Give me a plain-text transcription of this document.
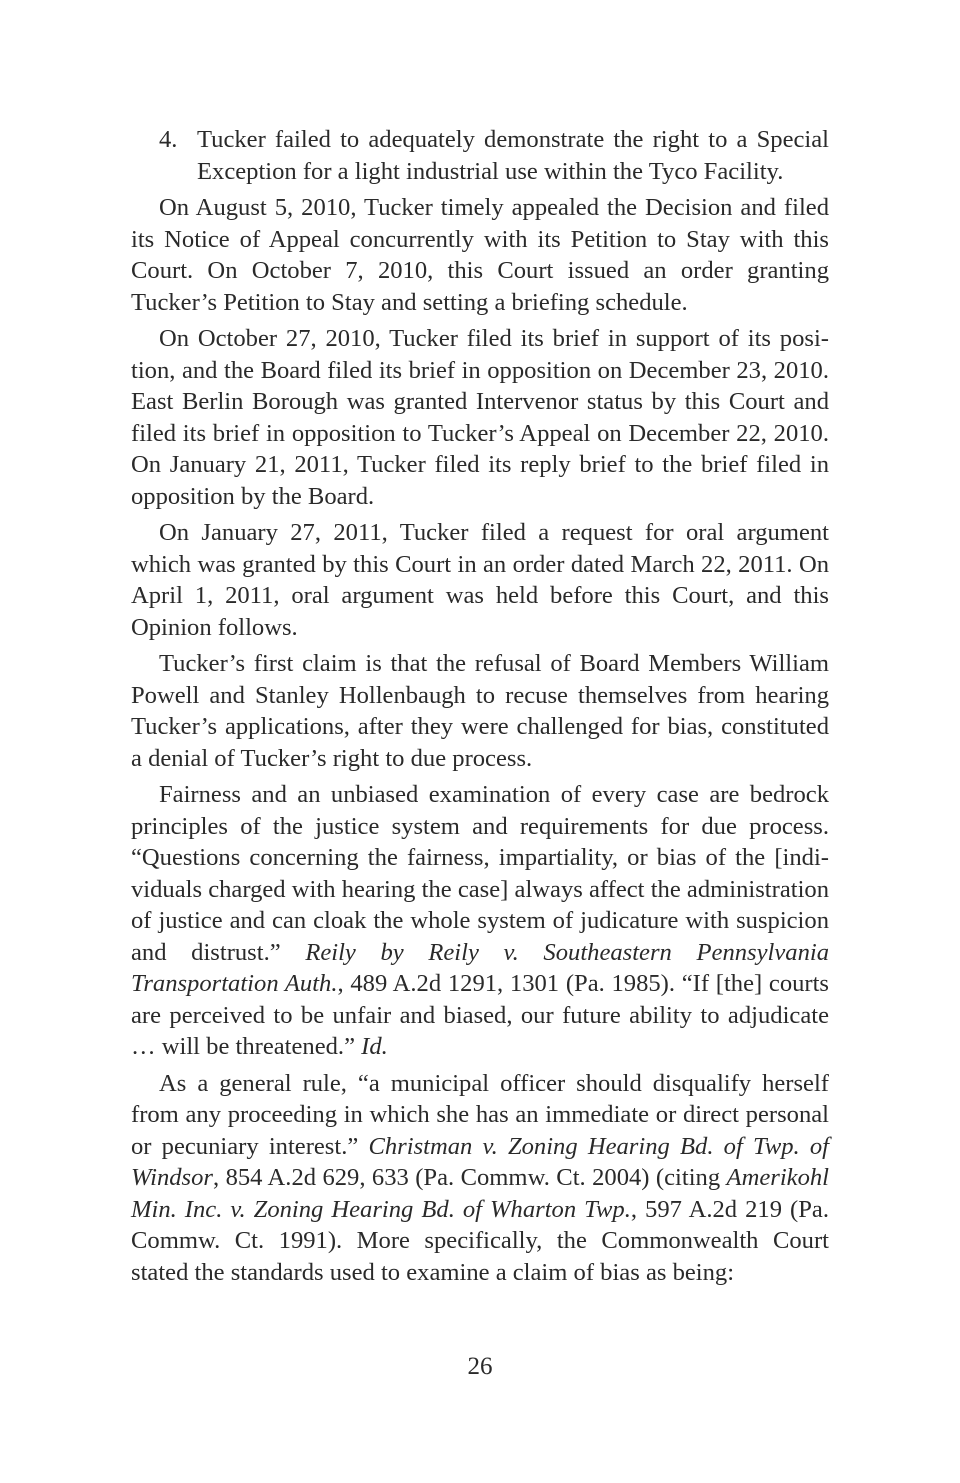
4. Tucker failed to adequately demonstrate the right to a Special Exception for a light industrial use within the Tyco Facility.

On August 5, 2010, Tucker timely appealed the Decision and filed its Notice of Appeal concurrently with its Petition to Stay with this Court. On October 7, 2010, this Court issued an order granting Tucker’s Petition to Stay and setting a briefing schedule.

On October 27, 2010, Tucker filed its brief in support of its position, and the Board filed its brief in opposition on December 23, 2010. East Berlin Borough was granted Intervenor status by this Court and filed its brief in opposition to Tucker’s Appeal on December 22, 2010. On January 21, 2011, Tucker filed its reply brief to the brief filed in opposition by the Board.

On January 27, 2011, Tucker filed a request for oral argument which was granted by this Court in an order dated March 22, 2011. On April 1, 2011, oral argument was held before this Court, and this Opinion follows.

Tucker’s first claim is that the refusal of Board Members William Powell and Stanley Hollenbaugh to recuse themselves from hearing Tucker’s applications, after they were challenged for bias, constituted a denial of Tucker’s right to due process.

Fairness and an unbiased examination of every case are bedrock principles of the justice system and requirements for due process. “Questions concerning the fairness, impartiality, or bias of the [individuals charged with hearing the case] always affect the administration of justice and can cloak the whole system of judicature with suspicion and distrust.” Reily by Reily v. Southeastern Pennsylvania Transportation Auth., 489 A.2d 1291, 1301 (Pa. 1985). “If [the] courts are perceived to be unfair and biased, our future ability to adjudicate … will be threatened.” Id.

As a general rule, “a municipal officer should disqualify herself from any proceeding in which she has an immediate or direct personal or pecuniary interest.” Christman v. Zoning Hearing Bd. of Twp. of Windsor, 854 A.2d 629, 633 (Pa. Commw. Ct. 2004) (citing Amerikohl Min. Inc. v. Zoning Hearing Bd. of Wharton Twp., 597 A.2d 219 (Pa. Commw. Ct. 1991). More specifically, the Commonwealth Court stated the standards used to examine a claim of bias as being:

26
